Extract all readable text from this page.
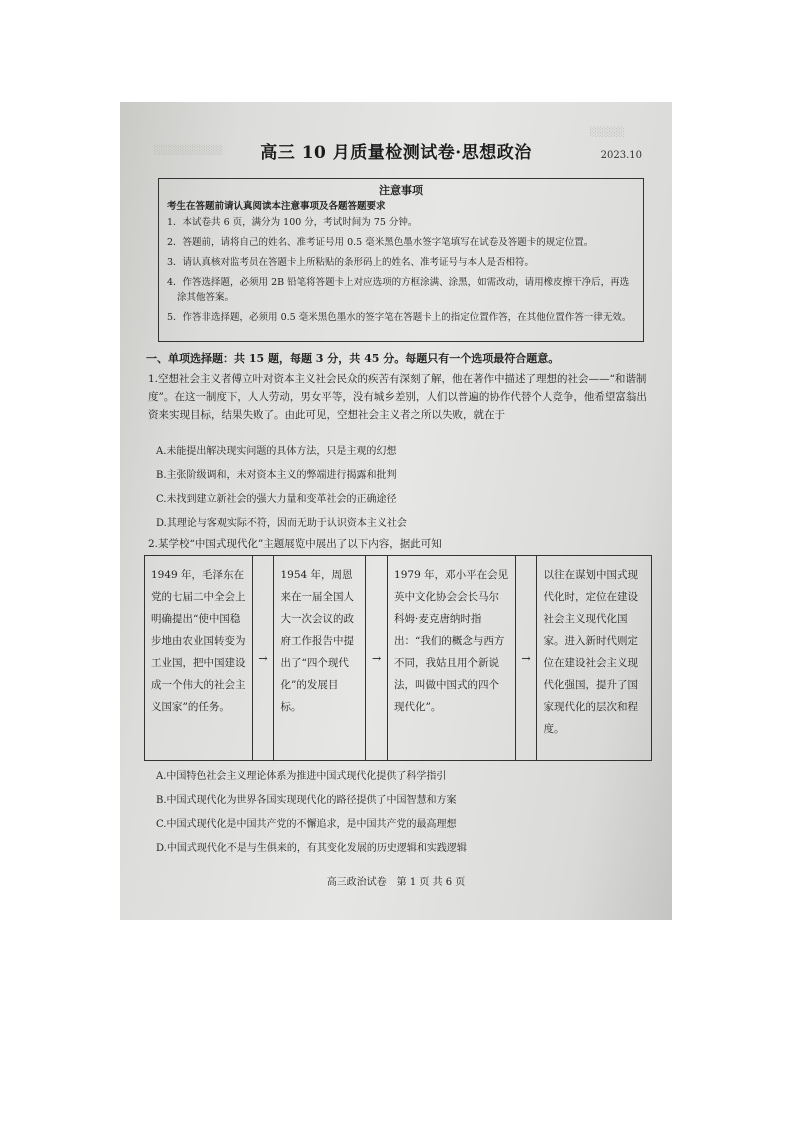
░░░░░░░░░░
░░░░░
高三 10 月质量检测试卷·思想政治	2023.10
注意事项
考生在答题前请认真阅读本注意事项及各题答题要求
1．本试卷共 6 页，满分为 100 分，考试时间为 75 分钟。
2．答题前，请将自己的姓名、准考证号用 0.5 毫米黑色墨水签字笔填写在试卷及答题卡的规定位置。
3．请认真核对监考员在答题卡上所粘贴的条形码上的姓名、准考证号与本人是否相符。
4．作答选择题，必须用 2B 铅笔将答题卡上对应选项的方框涂满、涂黑，如需改动，请用橡皮擦干净后，再选涂其他答案。
5．作答非选择题，必须用 0.5 毫米黑色墨水的签字笔在答题卡上的指定位置作答，在其他位置作答一律无效。
一、单项选择题：共 15 题，每题 3 分，共 45 分。每题只有一个选项最符合题意。
1.空想社会主义者傅立叶对资本主义社会民众的疾苦有深刻了解，他在著作中描述了理想的社会——“和谐制度”。在这一制度下，人人劳动，男女平等，没有城乡差别，人们以普遍的协作代替个人竞争，他希望富翁出资来实现目标，结果失败了。由此可见，空想社会主义者之所以失败，就在于
A.未能提出解决现实问题的具体方法，只是主观的幻想
B.主张阶级调和，未对资本主义的弊端进行揭露和批判
C.未找到建立新社会的强大力量和变革社会的正确途径
D.其理论与客观实际不符，因而无助于认识资本主义社会
2.某学校“中国式现代化”主题展览中展出了以下内容，据此可知
1949 年，毛泽东在党的七届二中全会上明确提出“使中国稳步地由农业国转变为工业国，把中国建设成一个伟大的社会主义国家”的任务。
→
1954 年，周恩来在一届全国人大一次会议的政府工作报告中提出了“四个现代化”的发展目标。
→
1979 年，邓小平在会见英中文化协会会长马尔科姆·麦克唐纳时指出：“我们的概念与西方不同，我姑且用个新说法，叫做中国式的四个现代化”。
→
以往在谋划中国式现代化时，定位在建设社会主义现代化国家。进入新时代则定位在建设社会主义现代化强国，提升了国家现代化的层次和程度。
A.中国特色社会主义理论体系为推进中国式现代化提供了科学指引
B.中国式现代化为世界各国实现现代化的路径提供了中国智慧和方案
C.中国式现代化是中国共产党的不懈追求，是中国共产党的最高理想
D.中国式现代化不是与生俱来的，有其变化发展的历史逻辑和实践逻辑
高三政治试卷　第 1 页 共 6 页
